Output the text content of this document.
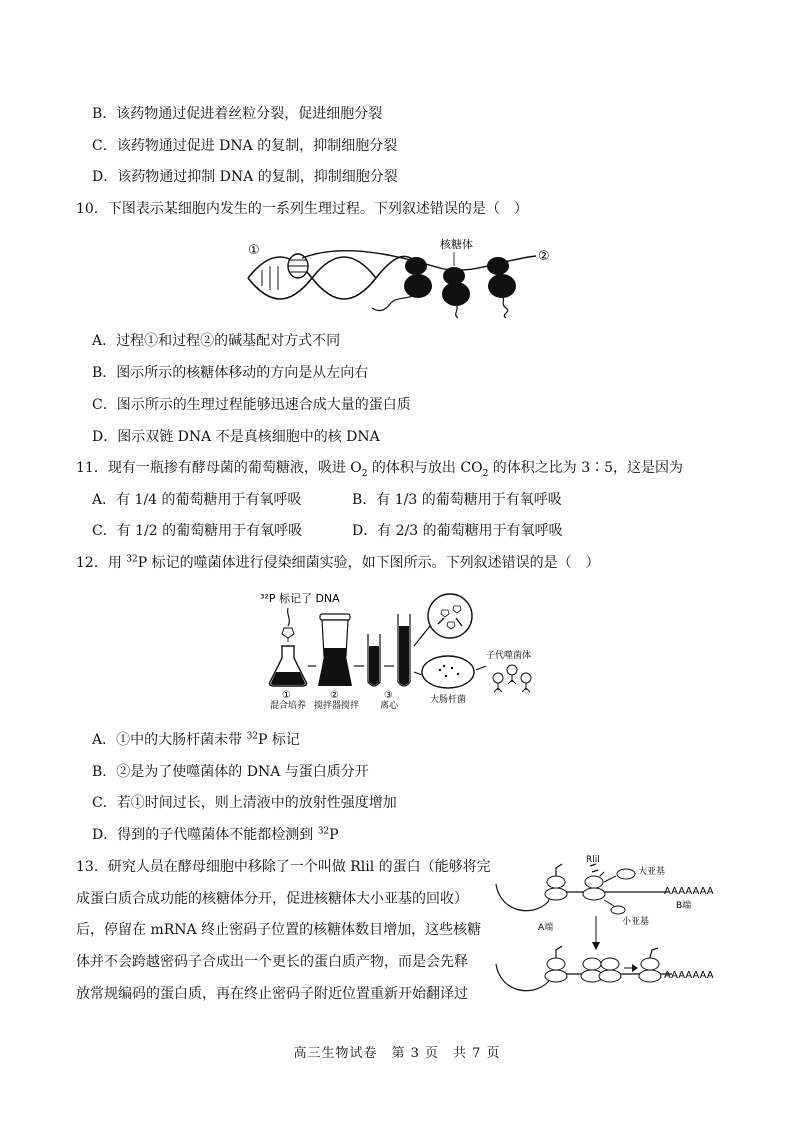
B．该药物通过促进着丝粒分裂，促进细胞分裂
C．该药物通过促进 DNA 的复制，抑制细胞分裂
D．该药物通过抑制 DNA 的复制，抑制细胞分裂
10．下图表示某细胞内发生的一系列生理过程。下列叙述错误的是（　）
①	②
核糖体
A．过程①和过程②的碱基配对方式不同
B．图示所示的核糖体移动的方向是从左向右
C．图示所示的生理过程能够迅速合成大量的蛋白质
D．图示双链 DNA 不是真核细胞中的核 DNA
11．现有一瓶掺有酵母菌的葡萄糖液，吸进 $O_2$ 的体积与放出 $CO_2$ 的体积之比为 3∶5，这是因为
A．有 1/4 的葡萄糖用于有氧呼吸	B．有 1/3 的葡萄糖用于有氧呼吸
C．有 1/2 的葡萄糖用于有氧呼吸	D．有 2/3 的葡萄糖用于有氧呼吸
12．用 $^{32}$P 标记的噬菌体进行侵染细菌实验，如下图所示。下列叙述错误的是（　）
³²P 标记了 DNA
子代噬菌体
①
混合培养
②
搅拌器搅拌
③
离心
大肠杆菌
A．①中的大肠杆菌未带 $^{32}$P 标记
B．②是为了使噬菌体的 DNA 与蛋白质分开
C．若①时间过长，则上清液中的放射性强度增加
D．得到的子代噬菌体不能都检测到 $^{32}$P
13．研究人员在酵母细胞中移除了一个叫做 Rlil 的蛋白（能够将完
成蛋白质合成功能的核糖体分开，促进核糖体大小亚基的回收）
后，停留在 mRNA 终止密码子位置的核糖体数目增加，这些核糖
体并不会跨越密码子合成出一个更长的蛋白质产物，而是会先释
放常规编码的蛋白质，再在终止密码子附近位置重新开始翻译过
Rlil
大亚基
小亚基
AAAAAAA
B端
A端
AAAAAAA
高三生物试卷　第 3 页　共 7 页
